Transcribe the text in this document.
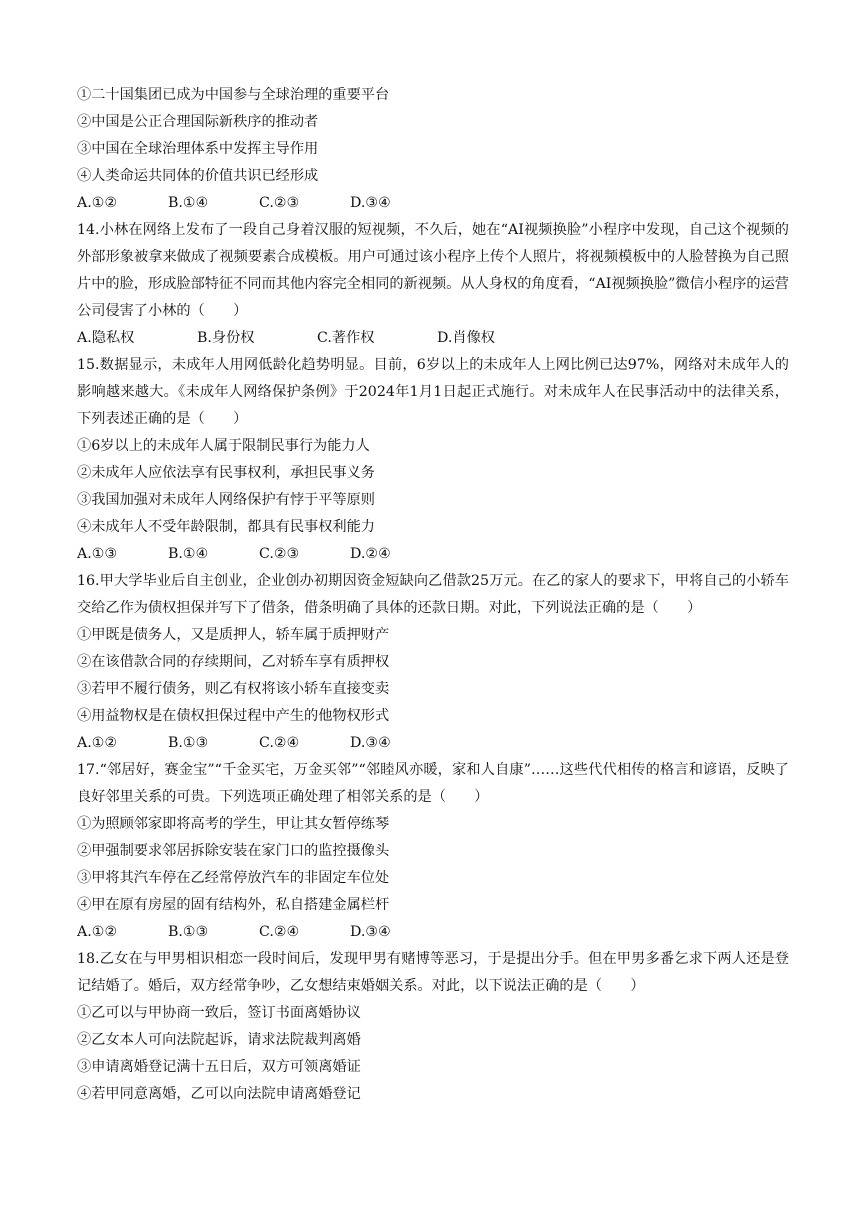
①二十国集团已成为中国参与全球治理的重要平台
②中国是公正合理国际新秩序的推动者
③中国在全球治理体系中发挥主导作用
④人类命运共同体的价值共识已经形成
A.①②	B.①④	C.②③	D.③④
14.小林在网络上发布了一段自己身着汉服的短视频，不久后，她在“AI视频换脸”小程序中发现，自己这个视频的外部形象被拿来做成了视频要素合成模板。用户可通过该小程序上传个人照片，将视频模板中的人脸替换为自己照片中的脸，形成脸部特征不同而其他内容完全相同的新视频。从人身权的角度看，“AI视频换脸”微信小程序的运营公司侵害了小林的（　　）
A.隐私权	B.身份权	C.著作权	D.肖像权
15.数据显示，未成年人用网低龄化趋势明显。目前，6岁以上的未成年人上网比例已达97%，网络对未成年人的影响越来越大。《未成年人网络保护条例》于2024年1月1日起正式施行。对未成年人在民事活动中的法律关系，下列表述正确的是（　　）
①6岁以上的未成年人属于限制民事行为能力人
②未成年人应依法享有民事权利，承担民事义务
③我国加强对未成年人网络保护有悖于平等原则
④未成年人不受年龄限制，都具有民事权利能力
A.①③	B.①④	C.②③	D.②④
16.甲大学毕业后自主创业，企业创办初期因资金短缺向乙借款25万元。在乙的家人的要求下，甲将自己的小轿车交给乙作为债权担保并写下了借条，借条明确了具体的还款日期。对此，下列说法正确的是（　　）
①甲既是债务人，又是质押人，轿车属于质押财产
②在该借款合同的存续期间，乙对轿车享有质押权
③若甲不履行债务，则乙有权将该小轿车直接变卖
④用益物权是在债权担保过程中产生的他物权形式
A.①②	B.①③	C.②④	D.③④
17.“邻居好，赛金宝”“千金买宅，万金买邻”“邻睦风亦暖，家和人自康”……这些代代相传的格言和谚语，反映了良好邻里关系的可贵。下列选项正确处理了相邻关系的是（　　）
①为照顾邻家即将高考的学生，甲让其女暂停练琴
②甲强制要求邻居拆除安装在家门口的监控摄像头
③甲将其汽车停在乙经常停放汽车的非固定车位处
④甲在原有房屋的固有结构外，私自搭建金属栏杆
A.①②	B.①③	C.②④	D.③④
18.乙女在与甲男相识相恋一段时间后，发现甲男有赌博等恶习，于是提出分手。但在甲男多番乞求下两人还是登记结婚了。婚后，双方经常争吵，乙女想结束婚姻关系。对此，以下说法正确的是（　　）
①乙可以与甲协商一致后，签订书面离婚协议
②乙女本人可向法院起诉，请求法院裁判离婚
③申请离婚登记满十五日后，双方可领离婚证
④若甲同意离婚，乙可以向法院申请离婚登记
